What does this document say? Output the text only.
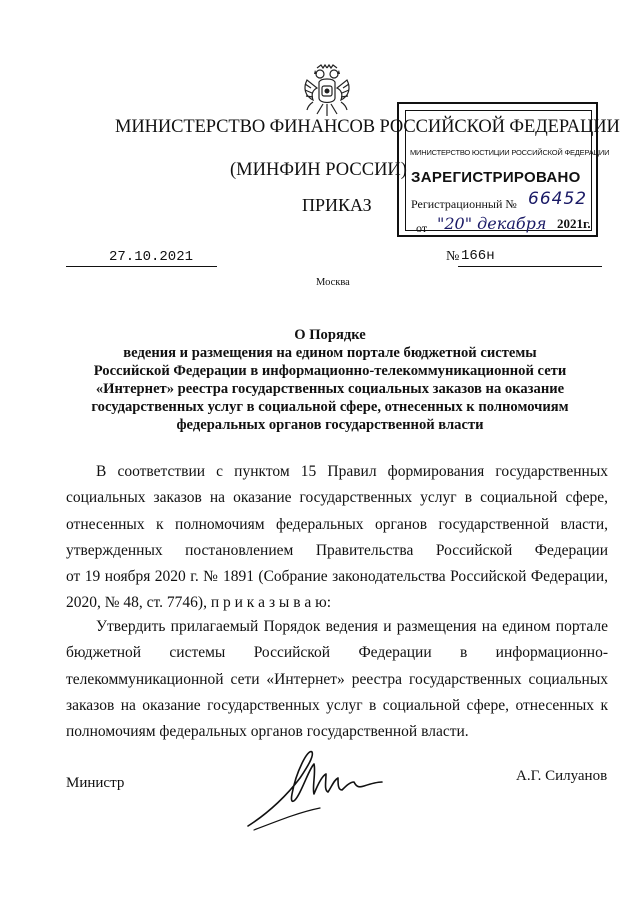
МИНИСТЕРСТВО ФИНАНСОВ РОССИЙСКОЙ ФЕДЕРАЦИИ
(МИНФИН РОССИИ)
ПРИКАЗ
МИНИСТЕРСТВО ЮСТИЦИИ РОССИЙСКОЙ ФЕДЕРАЦИИ
ЗАРЕГИСТРИРОВАНО
Регистрационный № 66452
от "20" декабря 2021г.
27.10.2021	№ 166н
Москва
О Порядке
ведения и размещения на едином портале бюджетной системы
Российской Федерации в информационно-телекоммуникационной сети
«Интернет» реестра государственных социальных заказов на оказание
государственных услуг в социальной сфере, отнесенных к полномочиям
федеральных органов государственной власти
В соответствии с пунктом 15 Правил формирования государственных
социальных заказов на оказание государственных услуг в социальной сфере,
отнесенных к полномочиям федеральных органов государственной власти,
утвержденных постановлением Правительства Российской Федерации
от 19 ноября 2020 г. № 1891 (Собрание законодательства Российской Федерации,
2020, № 48, ст. 7746), п р и к а з ы в а ю:
Утвердить прилагаемый Порядок ведения и размещения на едином портале
бюджетной системы Российской Федерации в информационно-
телекоммуникационной сети «Интернет» реестра государственных социальных
заказов на оказание государственных услуг в социальной сфере, отнесенных к
полномочиям федеральных органов государственной власти.
Министр	А.Г. Силуанов
